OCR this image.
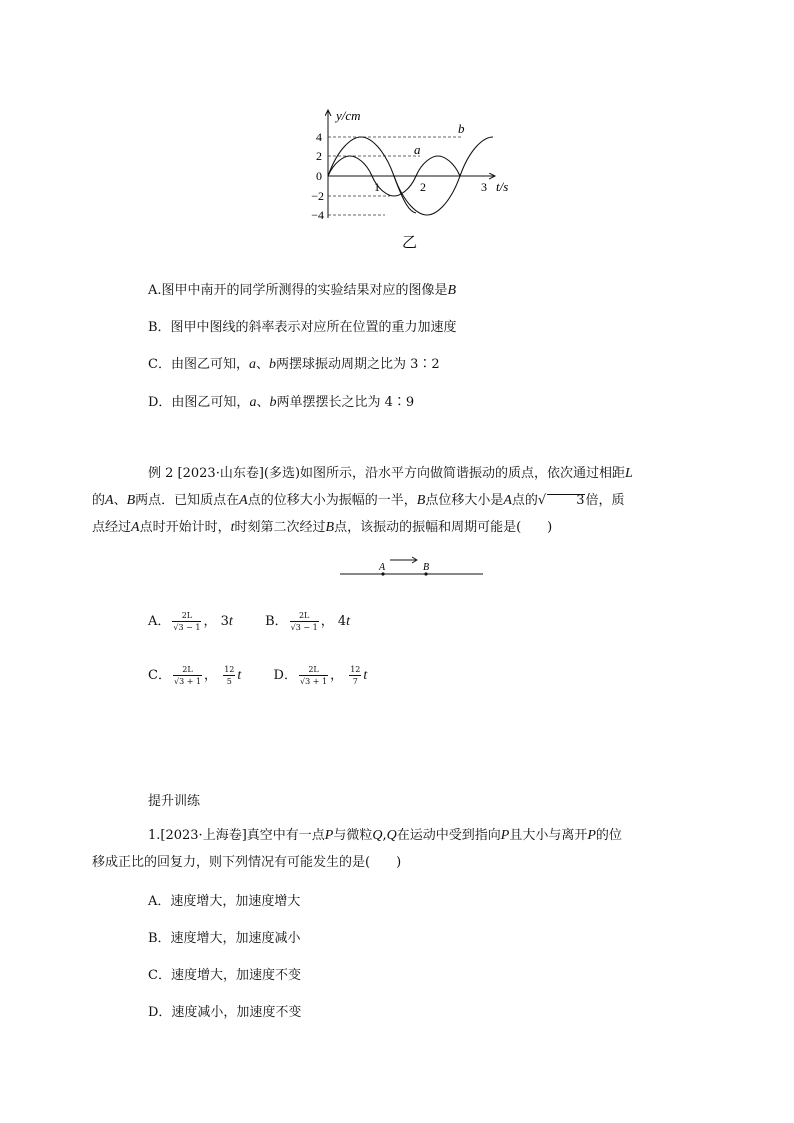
4
2
0
−2
−4
1	2	3
y/cm
t/s
a
b
乙
A.图甲中南开的同学所测得的实验结果对应的图像是B
B．图甲中图线的斜率表示对应所在位置的重力加速度
C．由图乙可知，a、b两摆球振动周期之比为 3∶2
D．由图乙可知，a、b两单摆摆长之比为 4∶9
例 2 [2023·山东卷](多选)如图所示，沿水平方向做简谐振动的质点，依次通过相距L
的A、B两点．已知质点在A点的位移大小为振幅的一半，B点位移大小是A点的√ 3倍，质
点经过A点时开始计时，t时刻第二次经过B点，该振动的振幅和周期可能是(　　)
A	B
A． $\frac{2L}{√3 - 1}$ ， 3t B． $\frac{2L}{√3 - 1}$ ， 4t
C． $\frac{2L}{√3 + 1}$ ， $\frac{12}{5}$ t D． $\frac{2L}{√3 + 1}$ ， $\frac{12}{7}$ t
提升训练
1.[2023·上海卷]真空中有一点P与微粒Q,Q在运动中受到指向P且大小与离开P的位
移成正比的回复力，则下列情况有可能发生的是(　　)
A．速度增大，加速度增大
B．速度增大，加速度减小
C．速度增大，加速度不变
D．速度减小，加速度不变
